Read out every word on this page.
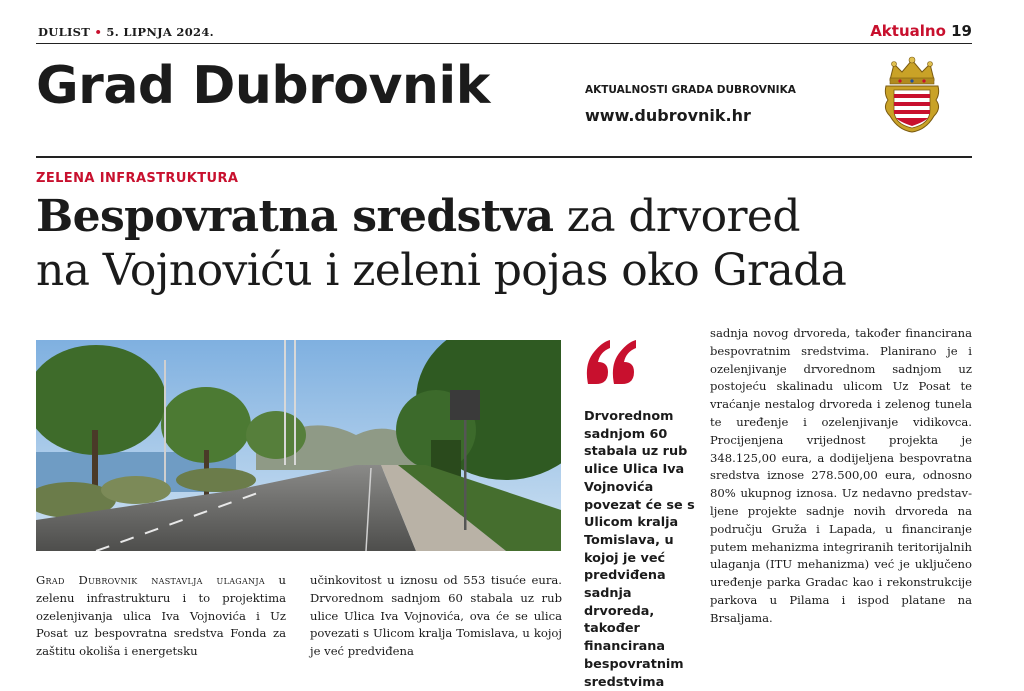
DULIST • 5. LIPNJA 2024.	Aktualno 19
Grad Dubrovnik	AKTUALNOSTI GRADA DUBROVNIKA
www.dubrovnik.hr
ZELENA INFRASTRUKTURA
Bespovratna sredstva za drvored
na Vojnoviću i zeleni pojas oko Grada
Grad Dubrovnik nastavlja ulaganja u zelenu infrastrukturu i to projektima ozelenjivanja ulica Iva Vojnovića i Uz Posat uz bespovratna sredstva Fonda za zaštitu okoliša i energetsku
učinkovitost u iznosu od 553 tisuće eura. Drvorednom sadnjom 60 stabala uz rub ulice Ulica Iva Vojnovića, ova će se ulica povezati s Ulicom kralja Tomislava, u kojoj je već predviđena
Drvorednom sadnjom 60 stabala uz rub ulice Ulica Iva Vojnovića povezat će se s Ulicom kralja Tomislava, u kojoj je već predviđena sadnja drvoreda, također financirana bespovratnim sredstvima
sadnja novog drvoreda, također financirana bespovratnim sredstvima. Planirano je i ozelenjivanje drvorednom sadnjom uz postojeću skalinadu ulicom Uz Posat te vraćanje nestalog drvoreda i zelenog tunela te uređenje i ozelenjivanje vidikovca. Procijenjena vrijednost projekta je 348.125,00 eura, a dodijeljena bespovratna sredstva iznose 278.500,00 eura, odnosno 80% ukupnog iznosa. Uz nedavno predstavljene projekte sadnje novih drvoreda na području Gruža i Lapada, u financiranje putem mehanizma integriranih teritorijalnih ulaganja (ITU mehanizma) već je uključeno uređenje parka Gradac kao i rekonstrukcije parkova u Pilama i ispod platane na Brsaljama.
